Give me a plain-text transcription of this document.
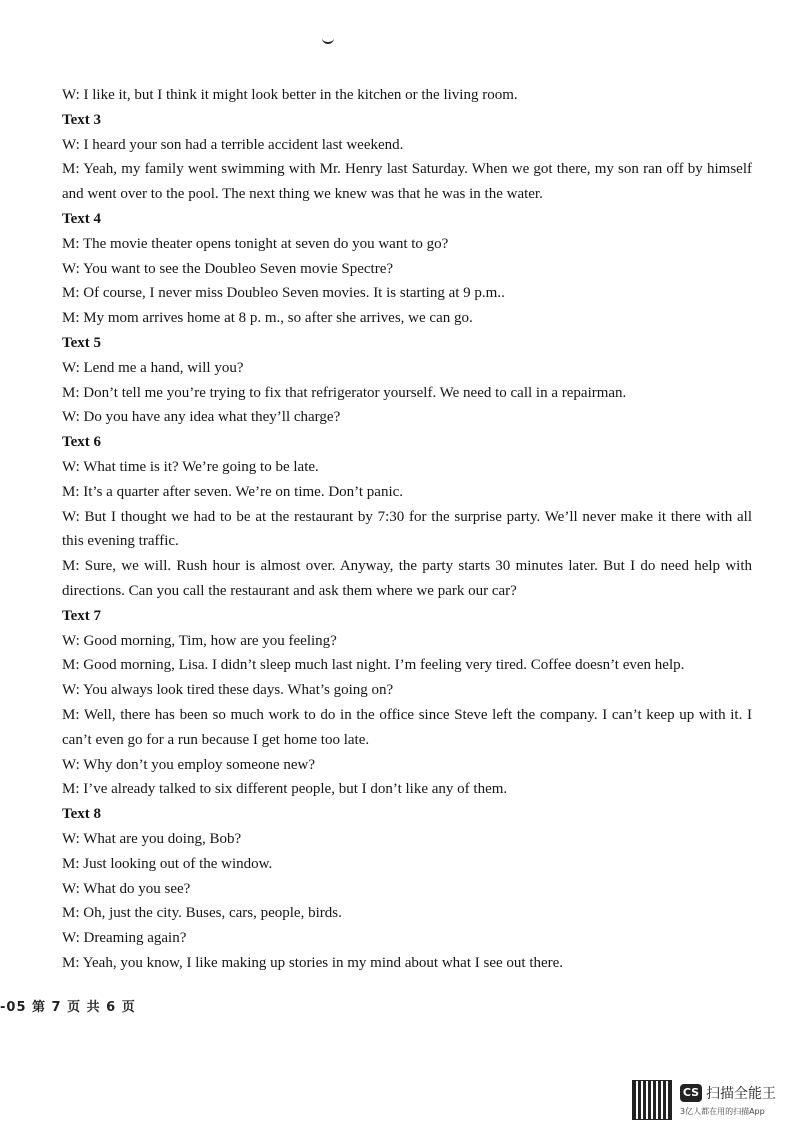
W: I like it, but I think it might look better in the kitchen or the living room.
Text 3
W: I heard your son had a terrible accident last weekend.
M: Yeah, my family went swimming with Mr. Henry last Saturday. When we got there, my son ran off by himself and went over to the pool. The next thing we knew was that he was in the water.
Text 4
M: The movie theater opens tonight at seven do you want to go?
W: You want to see the Doubleo Seven movie Spectre?
M: Of course, I never miss Doubleo Seven movies. It is starting at 9 p.m..
M: My mom arrives home at 8 p. m., so after she arrives, we can go.
Text 5
W: Lend me a hand, will you?
M: Don’t tell me you’re trying to fix that refrigerator yourself. We need to call in a repairman.
W: Do you have any idea what they’ll charge?
Text 6
W: What time is it? We’re going to be late.
M: It’s a quarter after seven. We’re on time. Don’t panic.
W: But I thought we had to be at the restaurant by 7:30 for the surprise party. We’ll never make it there with all this evening traffic.
M: Sure, we will. Rush hour is almost over. Anyway, the party starts 30 minutes later. But I do need help with directions. Can you call the restaurant and ask them where we park our car?
Text 7
W: Good morning, Tim, how are you feeling?
M: Good morning, Lisa. I didn’t sleep much last night. I’m feeling very tired. Coffee doesn’t even help.
W: You always look tired these days. What’s going on?
M: Well, there has been so much work to do in the office since Steve left the company. I can’t keep up with it. I can’t even go for a run because I get home too late.
W: Why don’t you employ someone new?
M: I’ve already talked to six different people, but I don’t like any of them.
Text 8
W: What are you doing, Bob?
M: Just looking out of the window.
W: What do you see?
M: Oh, just the city. Buses, cars, people, birds.
W: Dreaming again?
M: Yeah, you know, I like making up stories in my mind about what I see out there.
-05 第 7 页 共 6 页
CS 扫描全能王
3亿人都在用的扫描App
